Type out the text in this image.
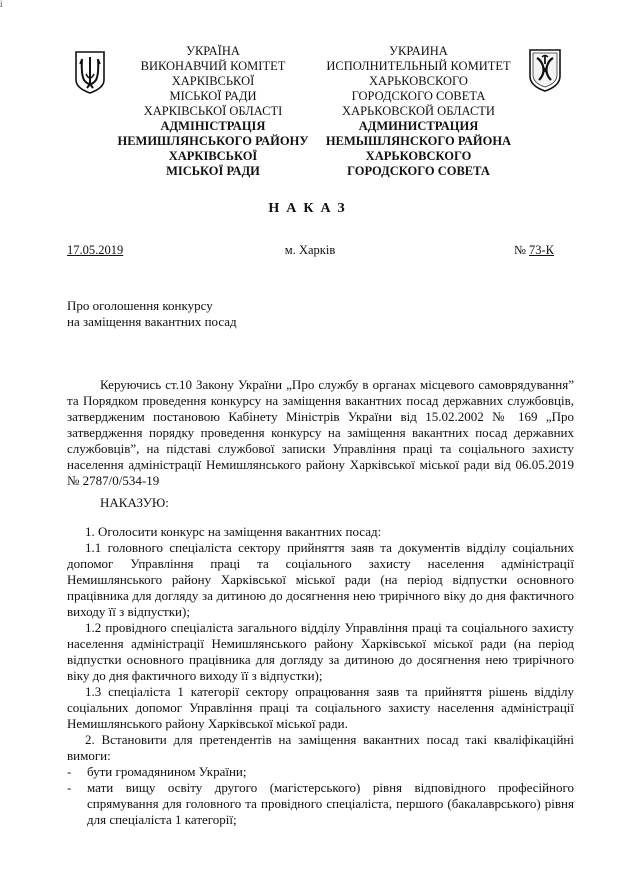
і
УКРАЇНА
ВИКОНАВЧИЙ КОМІТЕТ
ХАРКІВСЬКОЇ
МІСЬКОЇ РАДИ
ХАРКІВСЬКОЇ ОБЛАСТІ
АДМІНІСТРАЦІЯ
НЕМИШЛЯНСЬКОГО РАЙОНУ
ХАРКІВСЬКОЇ
МІСЬКОЇ РАДИ
УКРАИНА
ИСПОЛНИТЕЛЬНЫЙ КОМИТЕТ
ХАРЬКОВСКОГО
ГОРОДСКОГО СОВЕТА
ХАРЬКОВСКОЙ ОБЛАСТИ
АДМИНИСТРАЦИЯ
НЕМЫШЛЯНСКОГО РАЙОНА
ХАРЬКОВСКОГО
ГОРОДСКОГО СОВЕТА
НАКАЗ
17.05.2019	м. Харків	№ 73-К
Про оголошення конкурсу
на заміщення вакантних посад

Керуючись ст.10 Закону України „Про службу в органах місцевого самоврядування” та Порядком проведення конкурсу на заміщення вакантних посад державних службовців, затвердженим постановою Кабінету Міністрів України від 15.02.2002 № 169 „Про затвердження порядку проведення конкурсу на заміщення вакантних посад державних службовців”, на підставі службової записки Управління праці та соціального захисту населення адміністрації Немишлянського району Харківської міської ради від 06.05.2019 № 2787/0/534-19

НАКАЗУЮ:

1. Оголосити конкурс на заміщення вакантних посад:

1.1 головного спеціаліста сектору прийняття заяв та документів відділу соціальних допомог Управління праці та соціального захисту населення адміністрації Немишлянського району Харківської міської ради (на період відпустки основного працівника для догляду за дитиною до досягнення нею трирічного віку до дня фактичного виходу її з відпустки);

1.2 провідного спеціаліста загального відділу Управління праці та соціального захисту населення адміністрації Немишлянського району Харківської міської ради (на період відпустки основного працівника для догляду за дитиною до досягнення нею трирічного віку до дня фактичного виходу її з відпустки);

1.3 спеціаліста 1 категорії сектору опрацювання заяв та прийняття рішень відділу соціальних допомог Управління праці та соціального захисту населення адміністрації Немишлянського району Харківської міської ради.

2. Встановити для претендентів на заміщення вакантних посад такі кваліфікаційні вимоги:

- бути громадянином України;

- мати вищу освіту другого (магістерського) рівня відповідного професійного спрямування для головного та провідного спеціаліста, першого (бакалаврського) рівня для спеціаліста 1 категорії;
